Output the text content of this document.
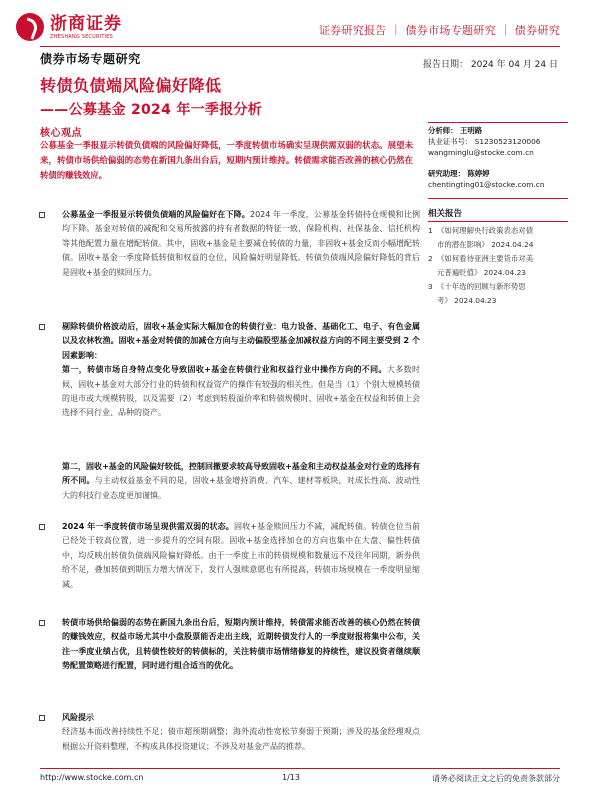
浙商证券
ZHESHANG SECURITIES	证券研究报告 ｜ 债券市场专题研究 ｜ 债券研究
债券市场专题研究	报告日期： 2024 年 04 月 24 日
转债负债端风险偏好降低
——公募基金 2024 年一季报分析
核心观点
公募基金一季报显示转债负债端的风险偏好降低，一季度转债市场确实呈现供需双弱的状态。展望未来，转债市场供给偏弱的态势在新国九条出台后，短期内预计维持。转债需求能否改善的核心仍然在转债的赚钱效应。
分析师： 王明路
执业证书号： S1230523120006
wangminglu@stocke.com.cn
研究助理： 陈婷婷
chentingting01@stocke.com.cn
相关报告
1 《如何理解央行政策表态对债
市的潜在影响》 2024.04.24
2 《如何看待亚洲主要货币对美
元普遍贬值》 2024.04.23
3 《十年选的回顾与新形势思
考》 2024.04.23
公募基金一季报显示转债负债端的风险偏好在下降。2024 年一季度，公募基金转债持仓规模和比例均下降。基金对转债的减配和交易所披露的持有者数据的特征一致，保险机构、社保基金、信托机构等其他配置力量在增配转债。其中，固收+基金是主要减仓转债的力量，非固收+基金反而小幅增配转债。固收+基金一季度降低转债和权益的仓位，风险偏好明显降低。转债负债端风险偏好降低的背后是固收+基金的赎回压力。
剔除转债价格波动后，固收+基金实际大幅加仓的转债行业：电力设备、基础化工、电子、有色金属以及农林牧渔。固收+基金对转债的加减仓方向与主动偏股型基金加减权益方向的不同主要受到 2 个因素影响：
第一，转债市场自身特点变化导致固收+基金在转债行业和权益行业中操作方向的不同。大多数时候，固收+基金对大部分行业的转债和权益资产的操作有较强的相关性。但是当（1）个别大规模转债的退市或大规模转股，以及需要（2）考虑到转股溢价率和转债规模时，固收+基金在权益和转债上会选择不同行业、品种的资产。
第二，固收+基金的风险偏好较低，控制回撤要求较高导致固收+基金和主动权益基金对行业的选择有所不同。与主动权益基金不同的是，固收+基金增持消费、汽车、建材等板块，对成长性高、波动性大的科技行业态度更加谨慎。
2024 年一季度转债市场呈现供需双弱的状态。固收+基金赎回压力不减，减配转债。转债仓位当前已经处于较高位置，进一步提升的空间有限。固收+基金选择加仓的方向也集中在大盘、偏性转债中，均反映出转债负债端风险偏好降低。由于一季度上市的转债规模和数量远不及往年同期，新券供给不足，叠加转债到期压力增大情况下，发行人强赎意愿也有所提高，转债市场规模在一季度明显缩减。
转债市场供给偏弱的态势在新国九条出台后，短期内预计维持，转债需求能否改善的核心仍然在转债的赚钱效应，权益市场尤其中小盘股票能否走出主线，近期转债发行人的一季度财报将集中公布，关注一季度业绩占优，且转债性较好的转债标的，关注转债市场情绪修复的持续性，建议投资者继续顺势配置策略进行配置，同时进行组合适当的优化。
风险提示
经济基本面改善持续性不足；债市超预期调整；海外流动性宽松节奏弱于预期；涉及的基金经理观点根据公开资料整理，不构成具体投资建议；不涉及对基金产品的推荐。
http://www.stocke.com.cn	1/13	请务必阅读正文之后的免责条款部分
